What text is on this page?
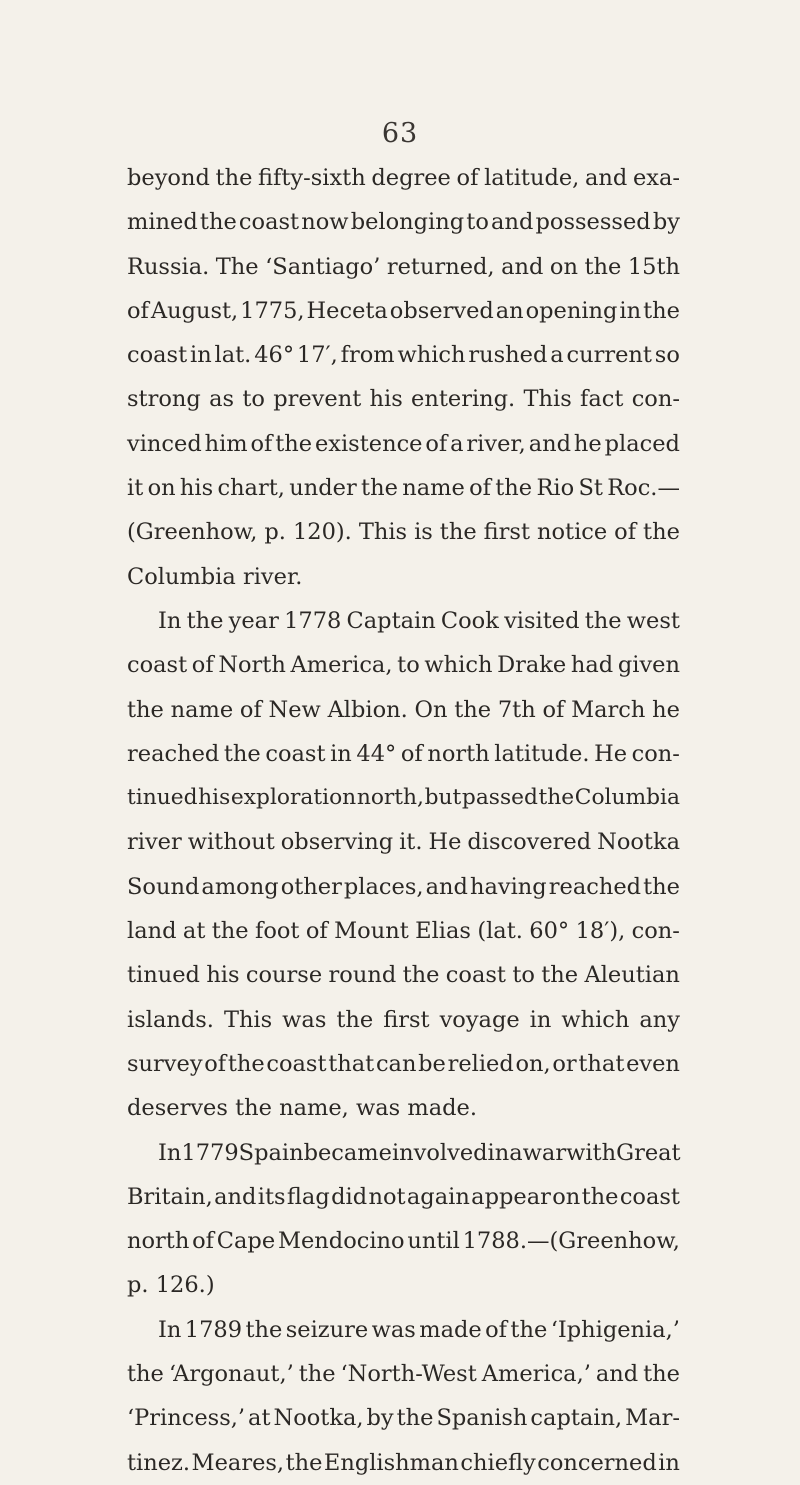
63
beyond the fifty-sixth degree of latitude, and exa-
mined the coast now belonging to and possessed by
Russia. The ‘Santiago’ returned, and on the 15th
of August, 1775, Heceta observed an opening in the
coast in lat. 46° 17′, from which rushed a current so
strong as to prevent his entering. This fact con-
vinced him of the existence of a river, and he placed
it on his chart, under the name of the Rio St Roc.—
(Greenhow, p. 120). This is the first notice of the
Columbia
river.
In the year 1778 Captain Cook visited the west
coast of North America, to which Drake had given
the name of New Albion. On the 7th of March he
reached the coast in 44° of north latitude. He con-
tinued his exploration north, but passed the Columbia
river without observing it. He discovered Nootka
Sound among other places, and having reached the
land at the foot of Mount Elias (lat. 60° 18′), con-
tinued his course round the coast to the Aleutian
islands. This was the first voyage in which any
survey of the coast that can be relied on, or that even
deserves
the
name,
was
made.
In 1779 Spain became involved in a war with Great
Britain, and its flag did not again appear on the coast
north of Cape Mendocino until 1788.—(Greenhow,
p.
126.)
In 1789 the seizure was made of the ‘Iphigenia,’
the ‘Argonaut,’ the ‘North-West America,’ and the
‘Princess,’ at Nootka, by the Spanish captain, Mar-
tinez. Meares, the Englishman chiefly concerned in
